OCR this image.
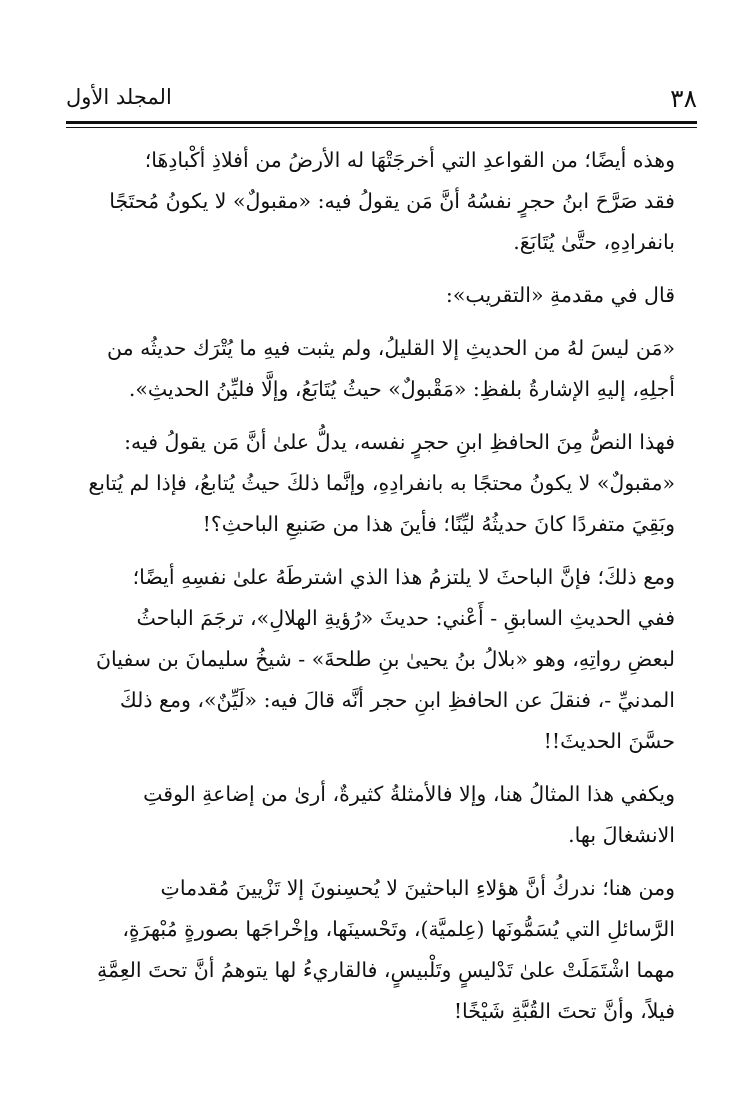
٣٨
المجلد الأول

وهذه أيضًا؛ من القواعدِ التي أخرجَتْهَا له الأرضُ من أفلاذِ أكْبادِهَا؛
فقد صَرَّحَ ابنُ حجرٍ نفسُهُ أنَّ مَن يقولُ فيه: «مقبولٌ» لا يكونُ مُحتَجًا
بانفرادِهِ، حتَّىٰ يُتَابَعَ.

قال في مقدمةِ «التقريب»:

«مَن ليسَ لهُ من الحديثِ إلا القليلُ، ولم يثبت فيهِ ما يُتْرَك حديثُه من
أجلِهِ، إليهِ الإشارةُ بلفظِ: «مَقْبولٌ» حيثُ يُتَابَعُ، وإلَّا فليِّنُ الحديثِ».

فهذا النصُّ مِنَ الحافظِ ابنِ حجرٍ نفسه، يدلُّ علىٰ أنَّ مَن يقولُ فيه:
«مقبولٌ» لا يكونُ محتجًا به بانفرادِهِ، وإنَّما ذلكَ حيثُ يُتابعُ، فإذا لم يُتابع
وبَقِيَ متفردًا كانَ حديثُهُ ليِّنًا؛ فأينَ هذا من صَنيعِ الباحثِ؟!

ومع ذلكَ؛ فإنَّ الباحثَ لا يلتزمُ هذا الذي اشترطَهُ علىٰ نفسِهِ أيضًا؛
ففي الحديثِ السابقِ - أَعْني: حديثَ «رُؤيةِ الهلالِ»، ترجَمَ الباحثُ
لبعضِ رواتِهِ، وهو «بلالُ بنُ يحيىٰ بنِ طلحةَ» - شيخُ سليمانَ بن سفيانَ
المدنيِّ -، فنقلَ عن الحافظِ ابنِ حجر أنَّه قالَ فيه: «لَيِّنٌ»، ومع ذلكَ
حسَّنَ الحديثَ!!

ويكفي هذا المثالُ هنا، وإلا فالأمثلةُ كثيرةٌ، أرىٰ من إضاعةِ الوقتِ
الانشغالَ بها.

ومن هنا؛ ندركُ أنَّ هؤلاءِ الباحثينَ لا يُحسِنونَ إلا تَزْيينَ مُقدماتِ
الرَّسائلِ التي يُسَمُّونَها (عِلميَّة)، وتَحْسينَها، وإخْراجَها بصورةٍ مُبْهرَةٍ،
مهما اشْتَمَلَتْ علىٰ تَدْليسٍ وتَلْبيسٍ، فالقاريءُ لها يتوهمُ أنَّ تحتَ العِمَّةِ
فيلاً، وأنَّ تحتَ القُبَّةِ شَيْخًا!
